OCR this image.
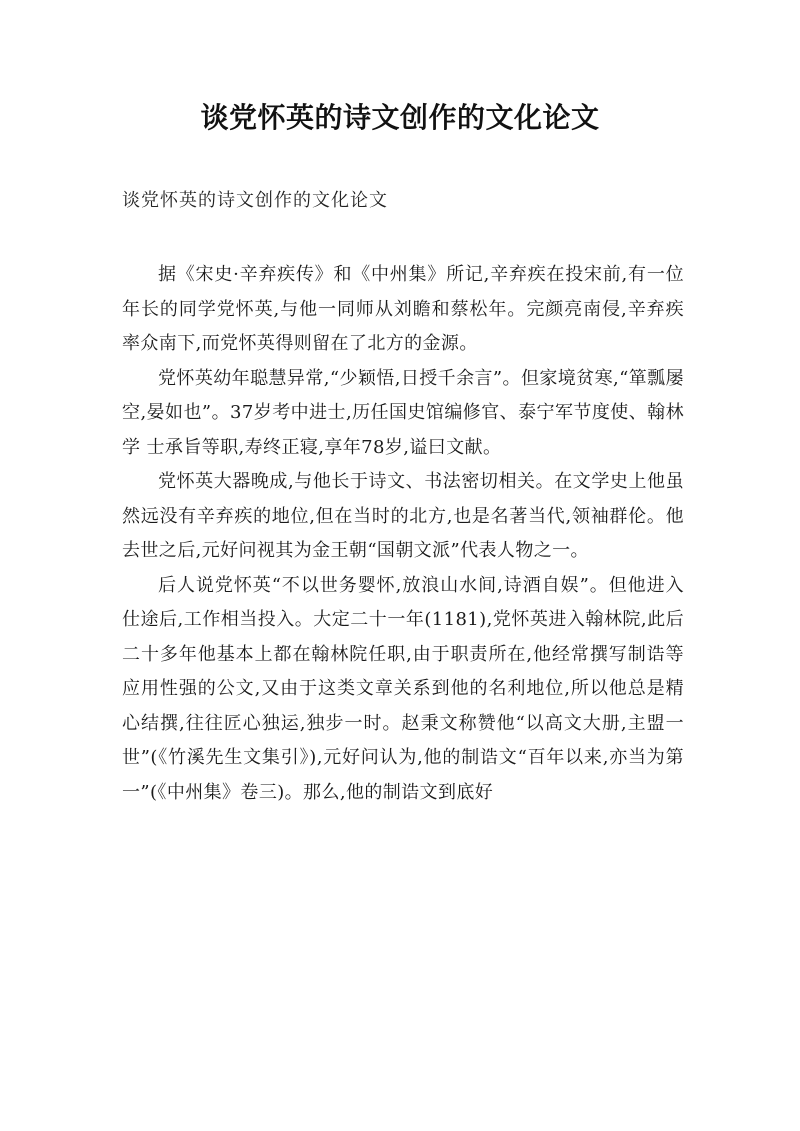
谈党怀英的诗文创作的文化论文
谈党怀英的诗文创作的文化论文

据《宋史·辛弃疾传》和《中州集》所记,辛弃疾在投宋前,有一位年长的同学党怀英,与他一同师从刘瞻和蔡松年。完颜亮南侵,辛弃疾率众南下,而党怀英得则留在了北方的金源。

党怀英幼年聪慧异常,“少颖悟,日授千余言”。但家境贫寒,“箪瓢屡空,晏如也”。37岁考中进士,历任国史馆编修官、泰宁军节度使、翰林学 士承旨等职,寿终正寝,享年78岁,谥曰文献。

党怀英大器晚成,与他长于诗文、书法密切相关。在文学史上他虽然远没有辛弃疾的地位,但在当时的北方,也是名著当代,领袖群伦。他去世之后,元好问视其为金王朝“国朝文派”代表人物之一。

后人说党怀英“不以世务婴怀,放浪山水间,诗酒自娱”。但他进入仕途后,工作相当投入。大定二十一年(1181),党怀英进入翰林院,此后二十多年他基本上都在翰林院任职,由于职责所在,他经常撰写制诰等应用性强的公文,又由于这类文章关系到他的名利地位,所以他总是精心结撰,往往匠心独运,独步一时。赵秉文称赞他“以高文大册,主盟一世”(《竹溪先生文集引》),元好问认为,他的制诰文“百年以来,亦当为第一”(《中州集》卷三)。那么,他的制诰文到底好
